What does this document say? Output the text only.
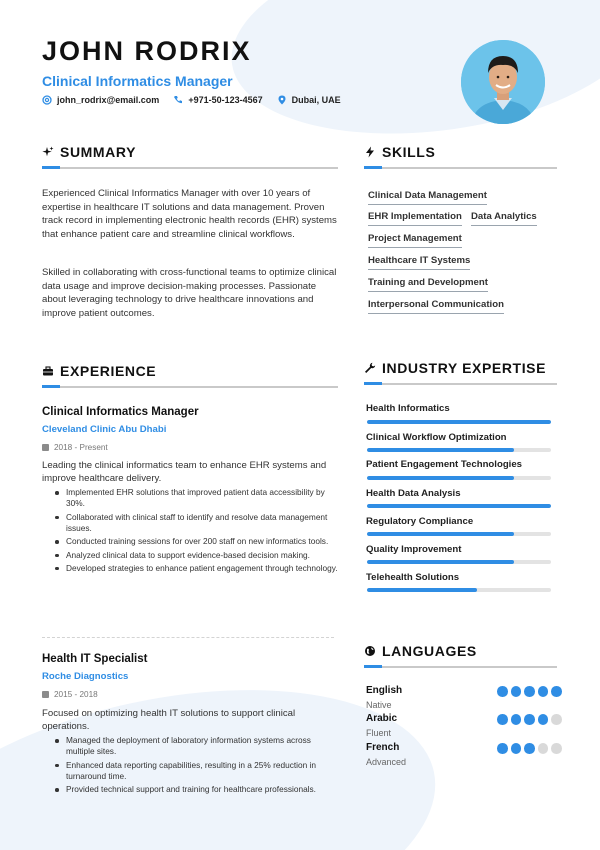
JOHN RODRIX
Clinical Informatics Manager
john_rodrix@email.com	+971-50-123-4567	Dubai, UAE
SUMMARY

Experienced Clinical Informatics Manager with over 10 years of expertise in healthcare IT solutions and data management. Proven track record in implementing electronic health records (EHR) systems that enhance patient care and streamline clinical workflows.

Skilled in collaborating with cross-functional teams to optimize clinical data usage and improve decision-making processes. Passionate about leveraging technology to drive healthcare innovations and improve patient outcomes.

SKILLS
Clinical Data Management
EHR Implementation Data Analytics
Project Management
Healthcare IT Systems
Training and Development
Interpersonal Communication
EXPERIENCE
Clinical Informatics Manager
Cleveland Clinic Abu Dhabi
2018 - Present
Leading the clinical informatics team to enhance EHR systems and improve healthcare delivery.
Implemented EHR solutions that improved patient data accessibility by 30%.
Collaborated with clinical staff to identify and resolve data management issues.
Conducted training sessions for over 200 staff on new informatics tools.
Analyzed clinical data to support evidence-based decision making.
Developed strategies to enhance patient engagement through technology.
Health IT Specialist
Roche Diagnostics
2015 - 2018
Focused on optimizing health IT solutions to support clinical operations.
Managed the deployment of laboratory information systems across multiple sites.
Enhanced data reporting capabilities, resulting in a 25% reduction in turnaround time.
Provided technical support and training for healthcare professionals.
INDUSTRY EXPERTISE
Health Informatics
Clinical Workflow Optimization
Patient Engagement Technologies
Health Data Analysis
Regulatory Compliance
Quality Improvement
Telehealth Solutions
LANGUAGES
English
Native
Arabic
Fluent
French
Advanced
